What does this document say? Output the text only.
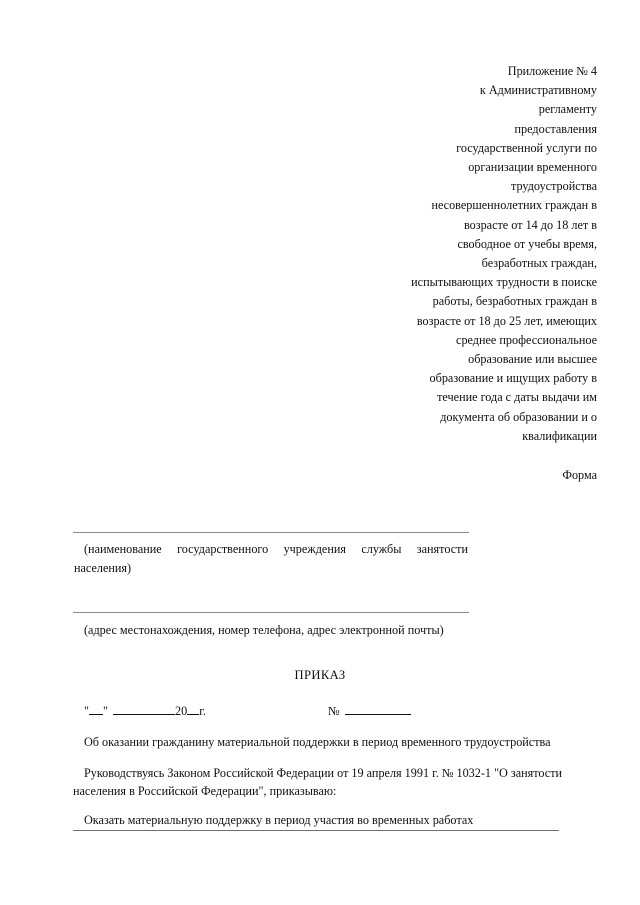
Приложение № 4
к Административному
регламенту
предоставления
государственной услуги по
организации временного
трудоустройства
несовершеннолетних граждан в
возрасте от 14 до 18 лет в
свободное от учебы время,
безработных граждан,
испытывающих трудности в поиске
работы, безработных граждан в
возрасте от 18 до 25 лет, имеющих
среднее профессиональное
образование или высшее
образование и ищущих работу в
течение года с даты выдачи им
документа об образовании и о
квалификации
Форма
(наименование государственного учреждения службы занятости
населения)
(адрес местонахождения, номер телефона, адрес электронной почты)
ПРИКАЗ
" "	20 г.	№
Об оказании гражданину материальной поддержки в период временного трудоустройства
Руководствуясь Законом Российской Федерации от 19 апреля 1991 г. № 1032-1 "О занятости
населения в Российской Федерации", приказываю:
Оказать материальную поддержку в период участия во временных работах
